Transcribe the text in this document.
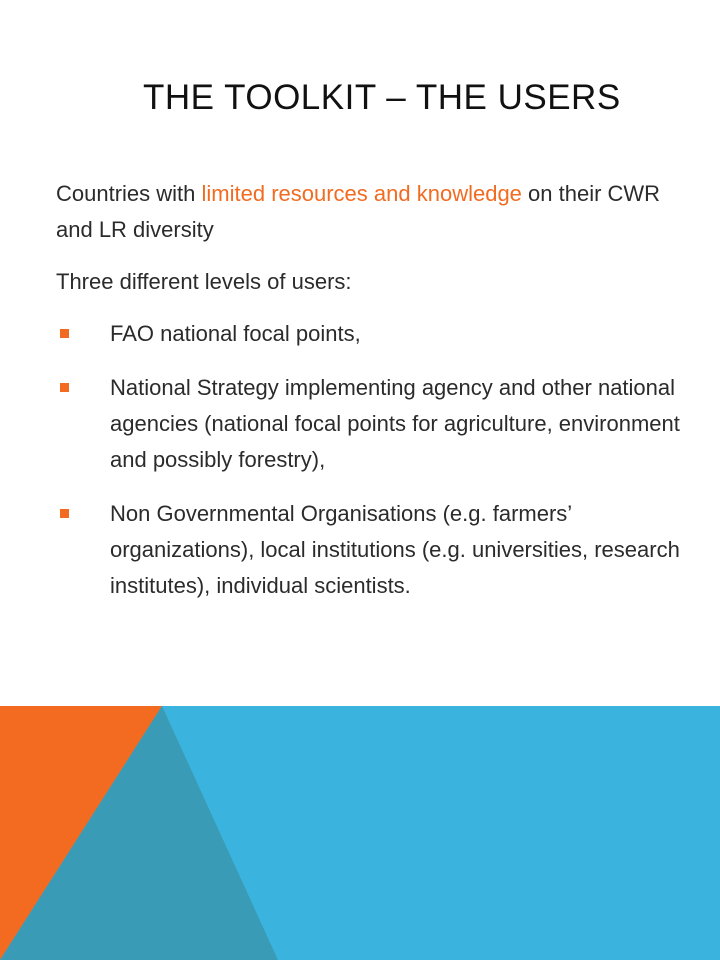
THE TOOLKIT – THE USERS

Countries with limited resources and knowledge on their CWR and LR diversity

Three different levels of users:

FAO national focal points,
National Strategy implementing agency and other national agencies (national focal points for agriculture, environment and possibly forestry),
Non Governmental Organisations (e.g. farmers’ organizations), local institutions (e.g. universities, research institutes), individual scientists.
